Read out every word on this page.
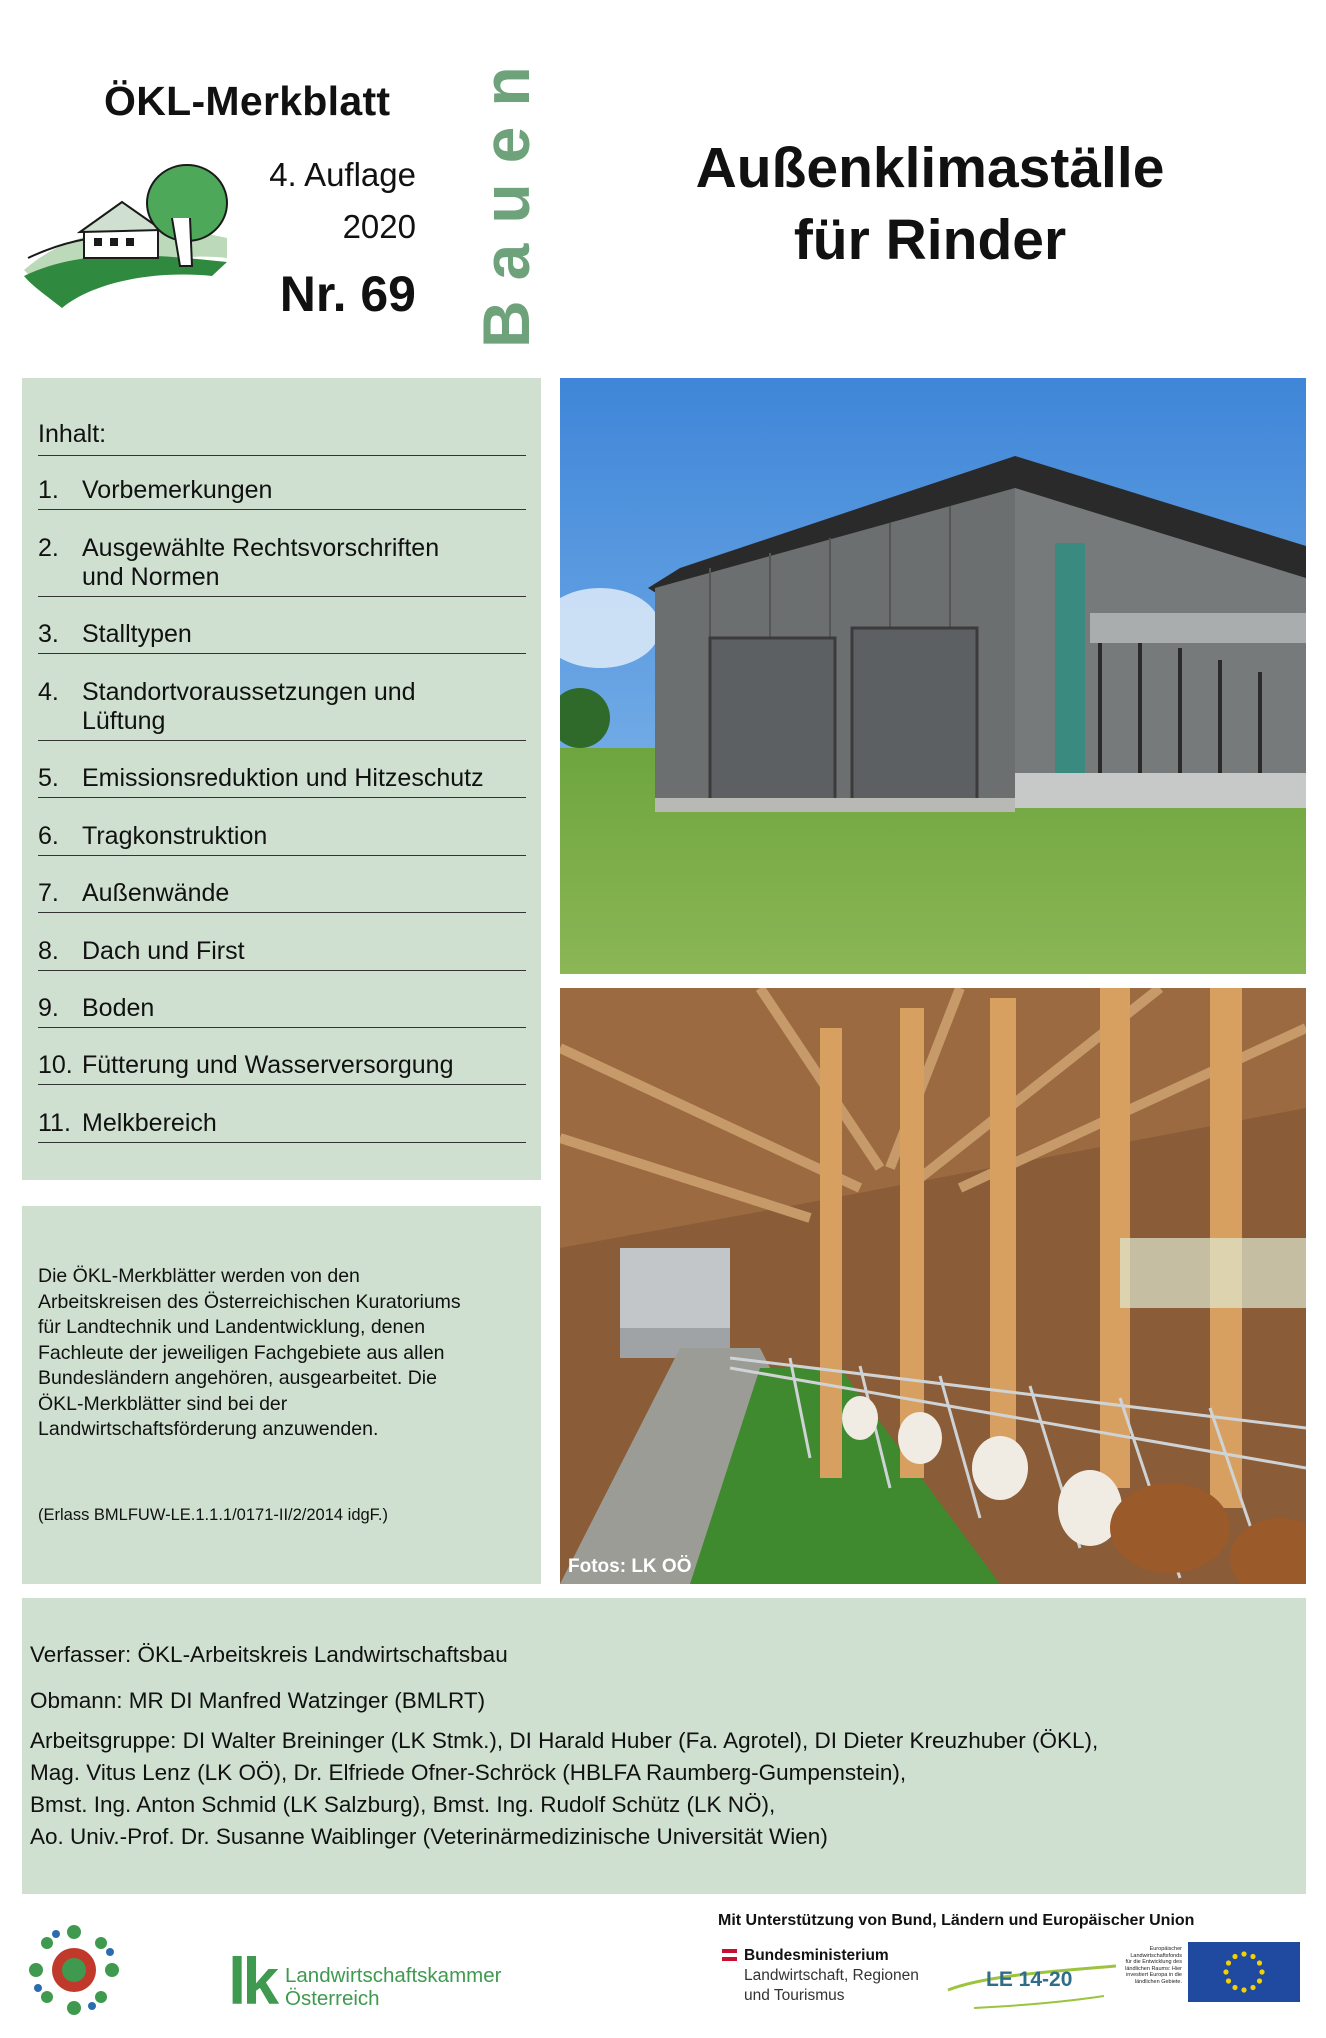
ÖKL-Merkblatt
4. Auflage
2020
Nr. 69 Bauen	Außenklimaställe
für Rinder
Inhalt:
1. Vorbemerkungen
2. Ausgewählte Rechtsvorschriften und Normen
3. Stalltypen
4. Standortvoraussetzungen und Lüftung
5. Emissionsreduktion und Hitzeschutz
6. Tragkonstruktion
7. Außenwände
8. Dach und First
9. Boden
10. Fütterung und Wasserversorgung
11. Melkbereich
Die ÖKL-Merkblätter werden von den Arbeitskreisen des Österreichischen Kuratoriums für Landtechnik und Landentwicklung, denen Fachleute der jeweiligen Fachgebiete aus allen Bundesländern angehören, ausgearbeitet. Die ÖKL-Merkblätter sind bei der Landwirtschaftsförderung anzuwenden.
(Erlass BMLFUW-LE.1.1.1/0171-II/2/2014 idgF.)
Fotos: LK OÖ
Verfasser: ÖKL-Arbeitskreis Landwirtschaftsbau
Obmann: MR DI Manfred Watzinger (BMLRT)
Arbeitsgruppe: DI Walter Breininger (LK Stmk.), DI Harald Huber (Fa. Agrotel), DI Dieter Kreuzhuber (ÖKL),
Mag. Vitus Lenz (LK OÖ), Dr. Elfriede Ofner-Schröck (HBLFA Raumberg-Gumpenstein),
Bmst. Ing. Anton Schmid (LK Salzburg), Bmst. Ing. Rudolf Schütz (LK NÖ),
Ao. Univ.-Prof. Dr. Susanne Waiblinger (Veterinärmedizinische Universität Wien)
lk Landwirtschaftskammer
Österreich
Mit Unterstützung von Bund, Ländern und Europäischer Union
Bundesministerium
Landwirtschaft, Regionen
und Tourismus
LE 14-20
Europäischer Landwirtschaftsfonds für die Entwicklung des ländlichen Raums: Hier investiert Europa in die ländlichen Gebiete.
